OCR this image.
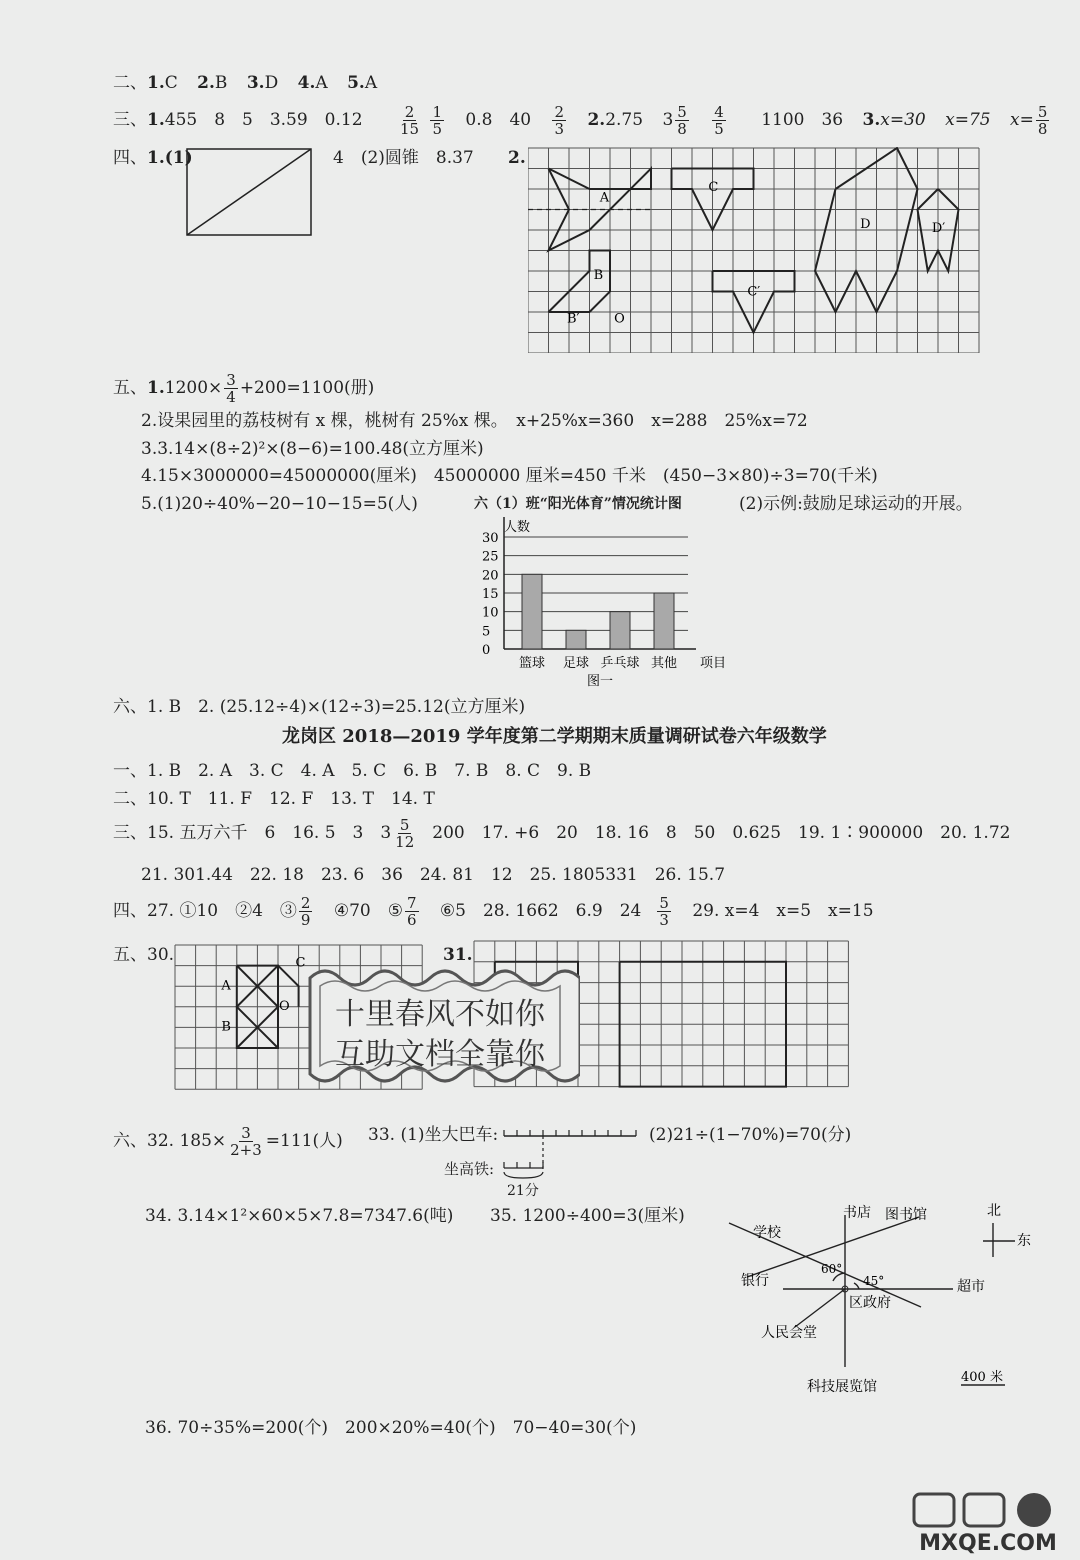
二、1.C 2.B 3.D 4.A 5.A
三、1.455　8　5　3.59　$0.12 \frac{2}{15}$
$\frac{1}{5} 0.8$　$40 \frac{2}{3} 2.2.75$ $3 \frac{5}{8}$
$\frac{4}{5} 1100$　36 3.x=30 x=75 $x= \frac{5}{8}$
四、1.(1)	4　(2)圆锥　8.37 2.
A
B
B′
C
C′
D	D′
O
五、$1.1200\times \frac{3}{4} +200=1100$(册)
2.设果园里的荔枝树有 x 棵，桃树有 25%x 棵。　x+25%x=360　x=288　25%x=72
3.3.14×(8÷2)²×(8−6)=100.48(立方厘米)
4.15×3000000=45000000(厘米)　45000000 厘米=450 千米　(450−3×80)÷3=70(千米)
5.(1)20÷40%−20−10−15=5(人)	六（1）班“阳光体育”情况统计图	(2)示例:鼓励足球运动的开展。
0
5
10
15
20
25
30
人数
篮球 足球 乒乓球 其他 项目
图一
六、1. B　2. (25.12÷4)×(12÷3)=25.12(立方厘米)
龙岗区 2018—2019 学年度第二学期期末质量调研试卷六年级数学
一、1. B　2. A　3. C　4. A　5. C　6. B　7. B　8. C　9. B
二、10. T　11. F　12. F　13. T　14. T
三、15. 五万六千　6　16. 5　3　$3 \frac{5}{12} 200$　17. +6　20　18. 16　8　50　0.625　19. 1∶900000　20. 1.72
21. 301.44　22. 18　23. 6　36　24. 81　12　25. 1805331　26. 15.7
四、27. ①10　②4　③ $\frac{2}{9}$ ④70　⑤ $\frac{7}{6}$ ⑥5　28. 1662　6.9　$24 \frac{5}{3} 29$. x=4　x=5　x=15
五、30.
A
B
C
O
31.
十里春风不如你
互助文档全靠你
六、32. $185\times \frac{3}{2+3} =111$(人) 33. (1)坐大巴车:	(2)21÷(1−70%)=70(分)
坐高铁:
21分
34. 3.14×1²×60×5×7.8=7347.6(吨) 35. 1200÷400=3(厘米)	书店 图书馆
学校
银行	超市
区政府
人民会堂
科技展览馆
北
东
60°
45°
400 米
36. 70÷35%=200(个)　200×20%=40(个)　70−40=30(个)
MXQE.COM
